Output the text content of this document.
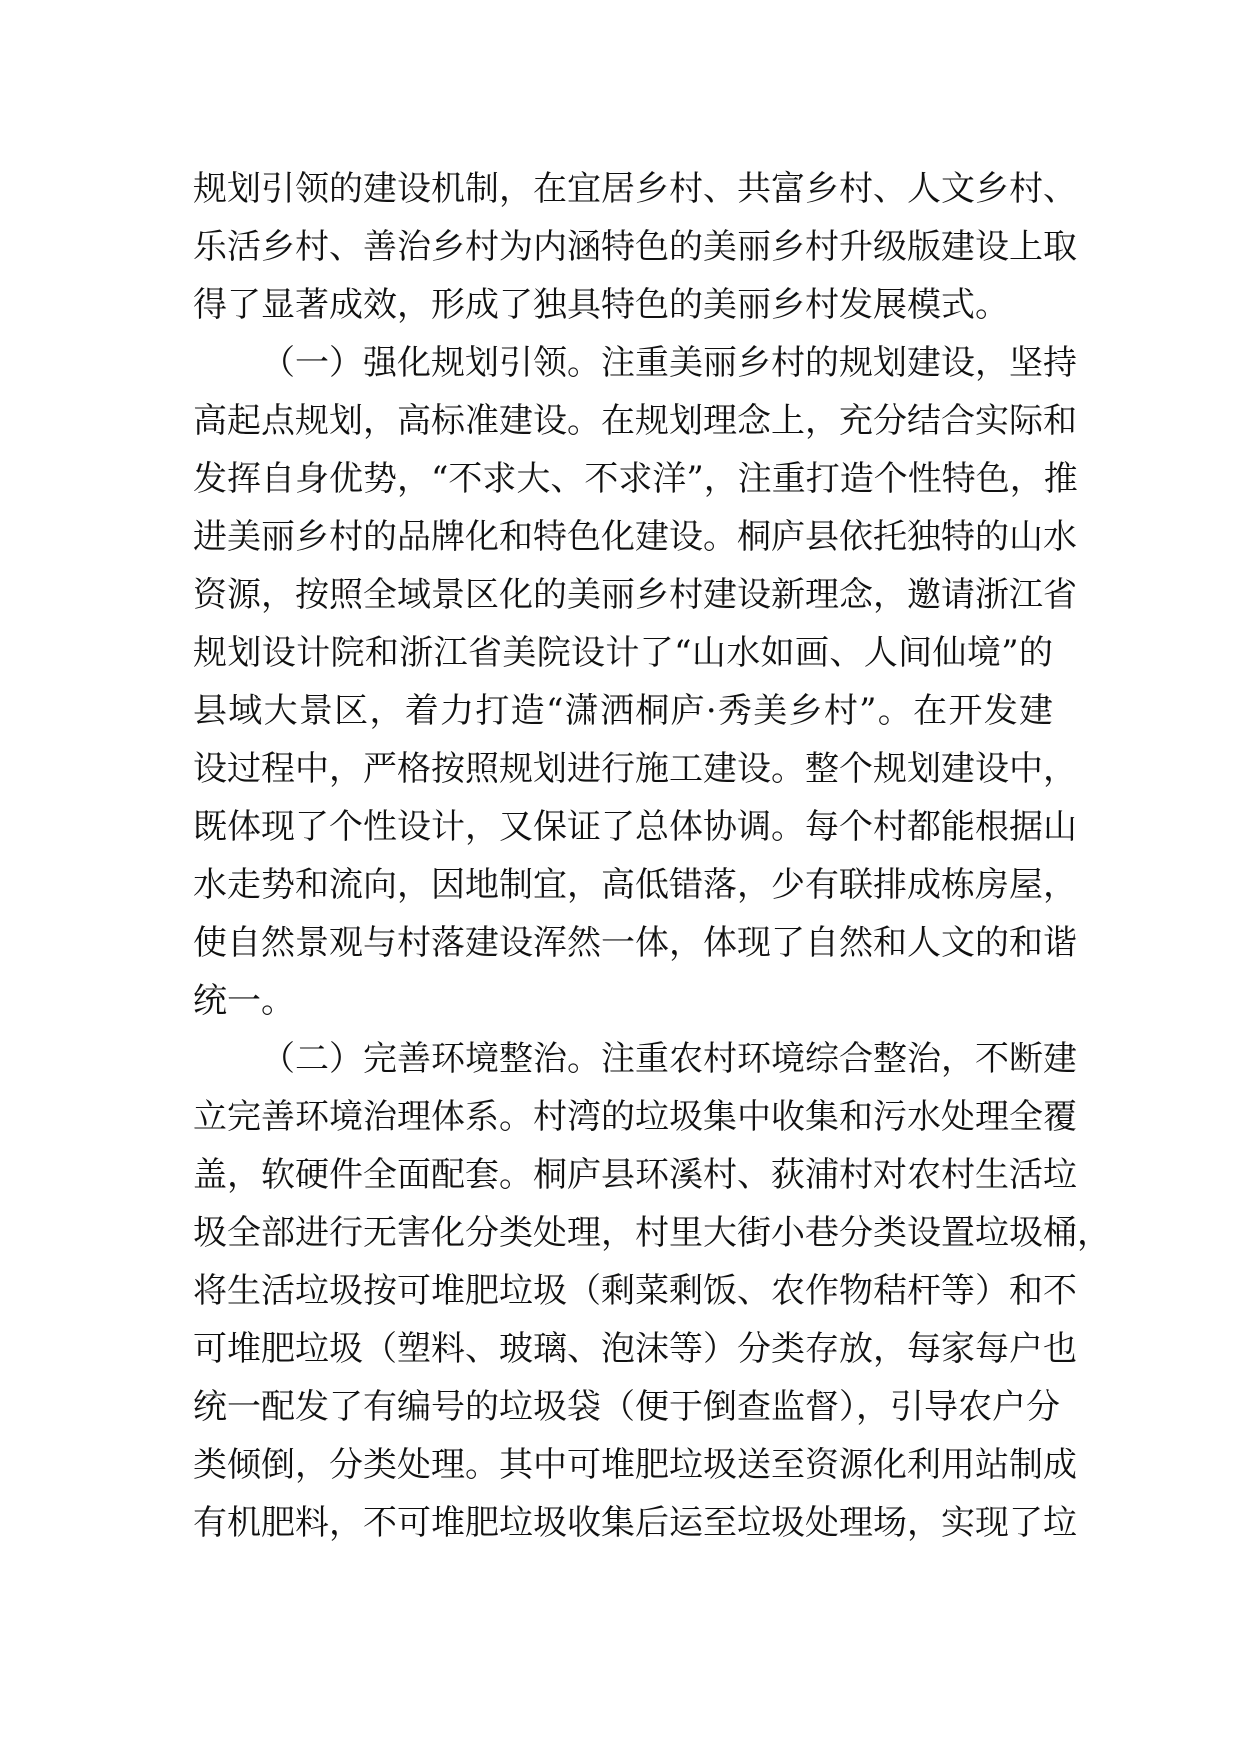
规划引领的建设机制，在宜居乡村、共富乡村、人文乡村、
乐活乡村、善治乡村为内涵特色的美丽乡村升级版建设上取
得了显著成效，形成了独具特色的美丽乡村发展模式。
（一）强化规划引领。注重美丽乡村的规划建设，坚持
高起点规划，高标准建设。在规划理念上，充分结合实际和
发挥自身优势，“不求大、不求洋”，注重打造个性特色，推
进美丽乡村的品牌化和特色化建设。桐庐县依托独特的山水
资源，按照全域景区化的美丽乡村建设新理念，邀请浙江省
规划设计院和浙江省美院设计了“山水如画、人间仙境”的
县域大景区，着力打造“潇洒桐庐·秀美乡村”。在开发建
设过程中，严格按照规划进行施工建设。整个规划建设中，
既体现了个性设计，又保证了总体协调。每个村都能根据山
水走势和流向，因地制宜，高低错落，少有联排成栋房屋，
使自然景观与村落建设浑然一体，体现了自然和人文的和谐
统一。
（二）完善环境整治。注重农村环境综合整治，不断建
立完善环境治理体系。村湾的垃圾集中收集和污水处理全覆
盖，软硬件全面配套。桐庐县环溪村、荻浦村对农村生活垃
圾全部进行无害化分类处理，村里大街小巷分类设置垃圾桶，
将生活垃圾按可堆肥垃圾（剩菜剩饭、农作物秸杆等）和不
可堆肥垃圾（塑料、玻璃、泡沫等）分类存放，每家每户也
统一配发了有编号的垃圾袋（便于倒查监督），引导农户分
类倾倒，分类处理。其中可堆肥垃圾送至资源化利用站制成
有机肥料，不可堆肥垃圾收集后运至垃圾处理场，实现了垃
